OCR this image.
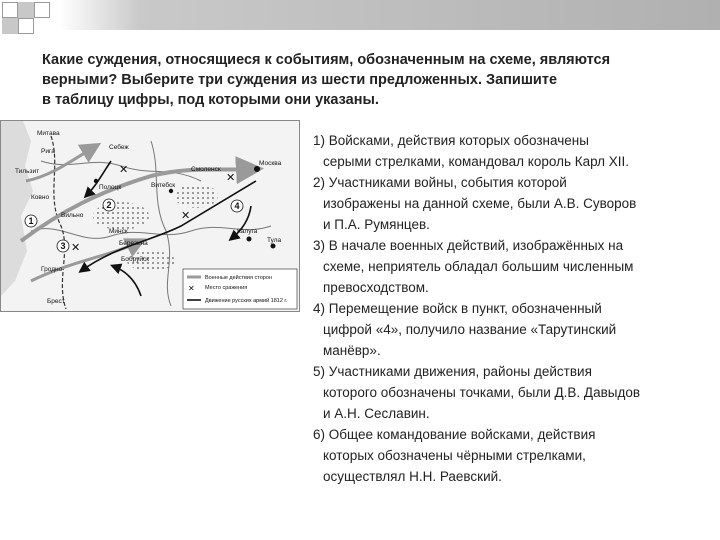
Какие суждения, относящиеся к событиям, обозначенным на схеме, являются
верными? Выберите три суждения из шести предложенных. Запишите
в таблицу цифры, под которыми они указаны.
✕
✕
✕
✕
Митава
Рига
Себеж
Полоцк	Витебск
Смоленск
Москва
Калуга
Тула
Вильно
Минск
Бобруйск
Гродно
Ковно
Тильзит
Брест
Березина
1
2
3
4
Военные действия сторон
✕ Место сражения
Движение русских армий 1812 г.
1) Войсками, действия которых обозначены
серыми стрелками, командовал король Карл XII.
2) Участниками войны, события которой
изображены на данной схеме, были А.В. Суворов
и П.А. Румянцев.
3) В начале военных действий, изображённых на
схеме, неприятель обладал большим численным
превосходством.
4) Перемещение войск в пункт, обозначенный
цифрой «4», получило название «Тарутинский
манёвр».
5) Участниками движения, районы действия
которого обозначены точками, были Д.В. Давыдов
и А.Н. Сеславин.
6) Общее командование войсками, действия
которых обозначены чёрными стрелками,
осуществлял Н.Н. Раевский.
